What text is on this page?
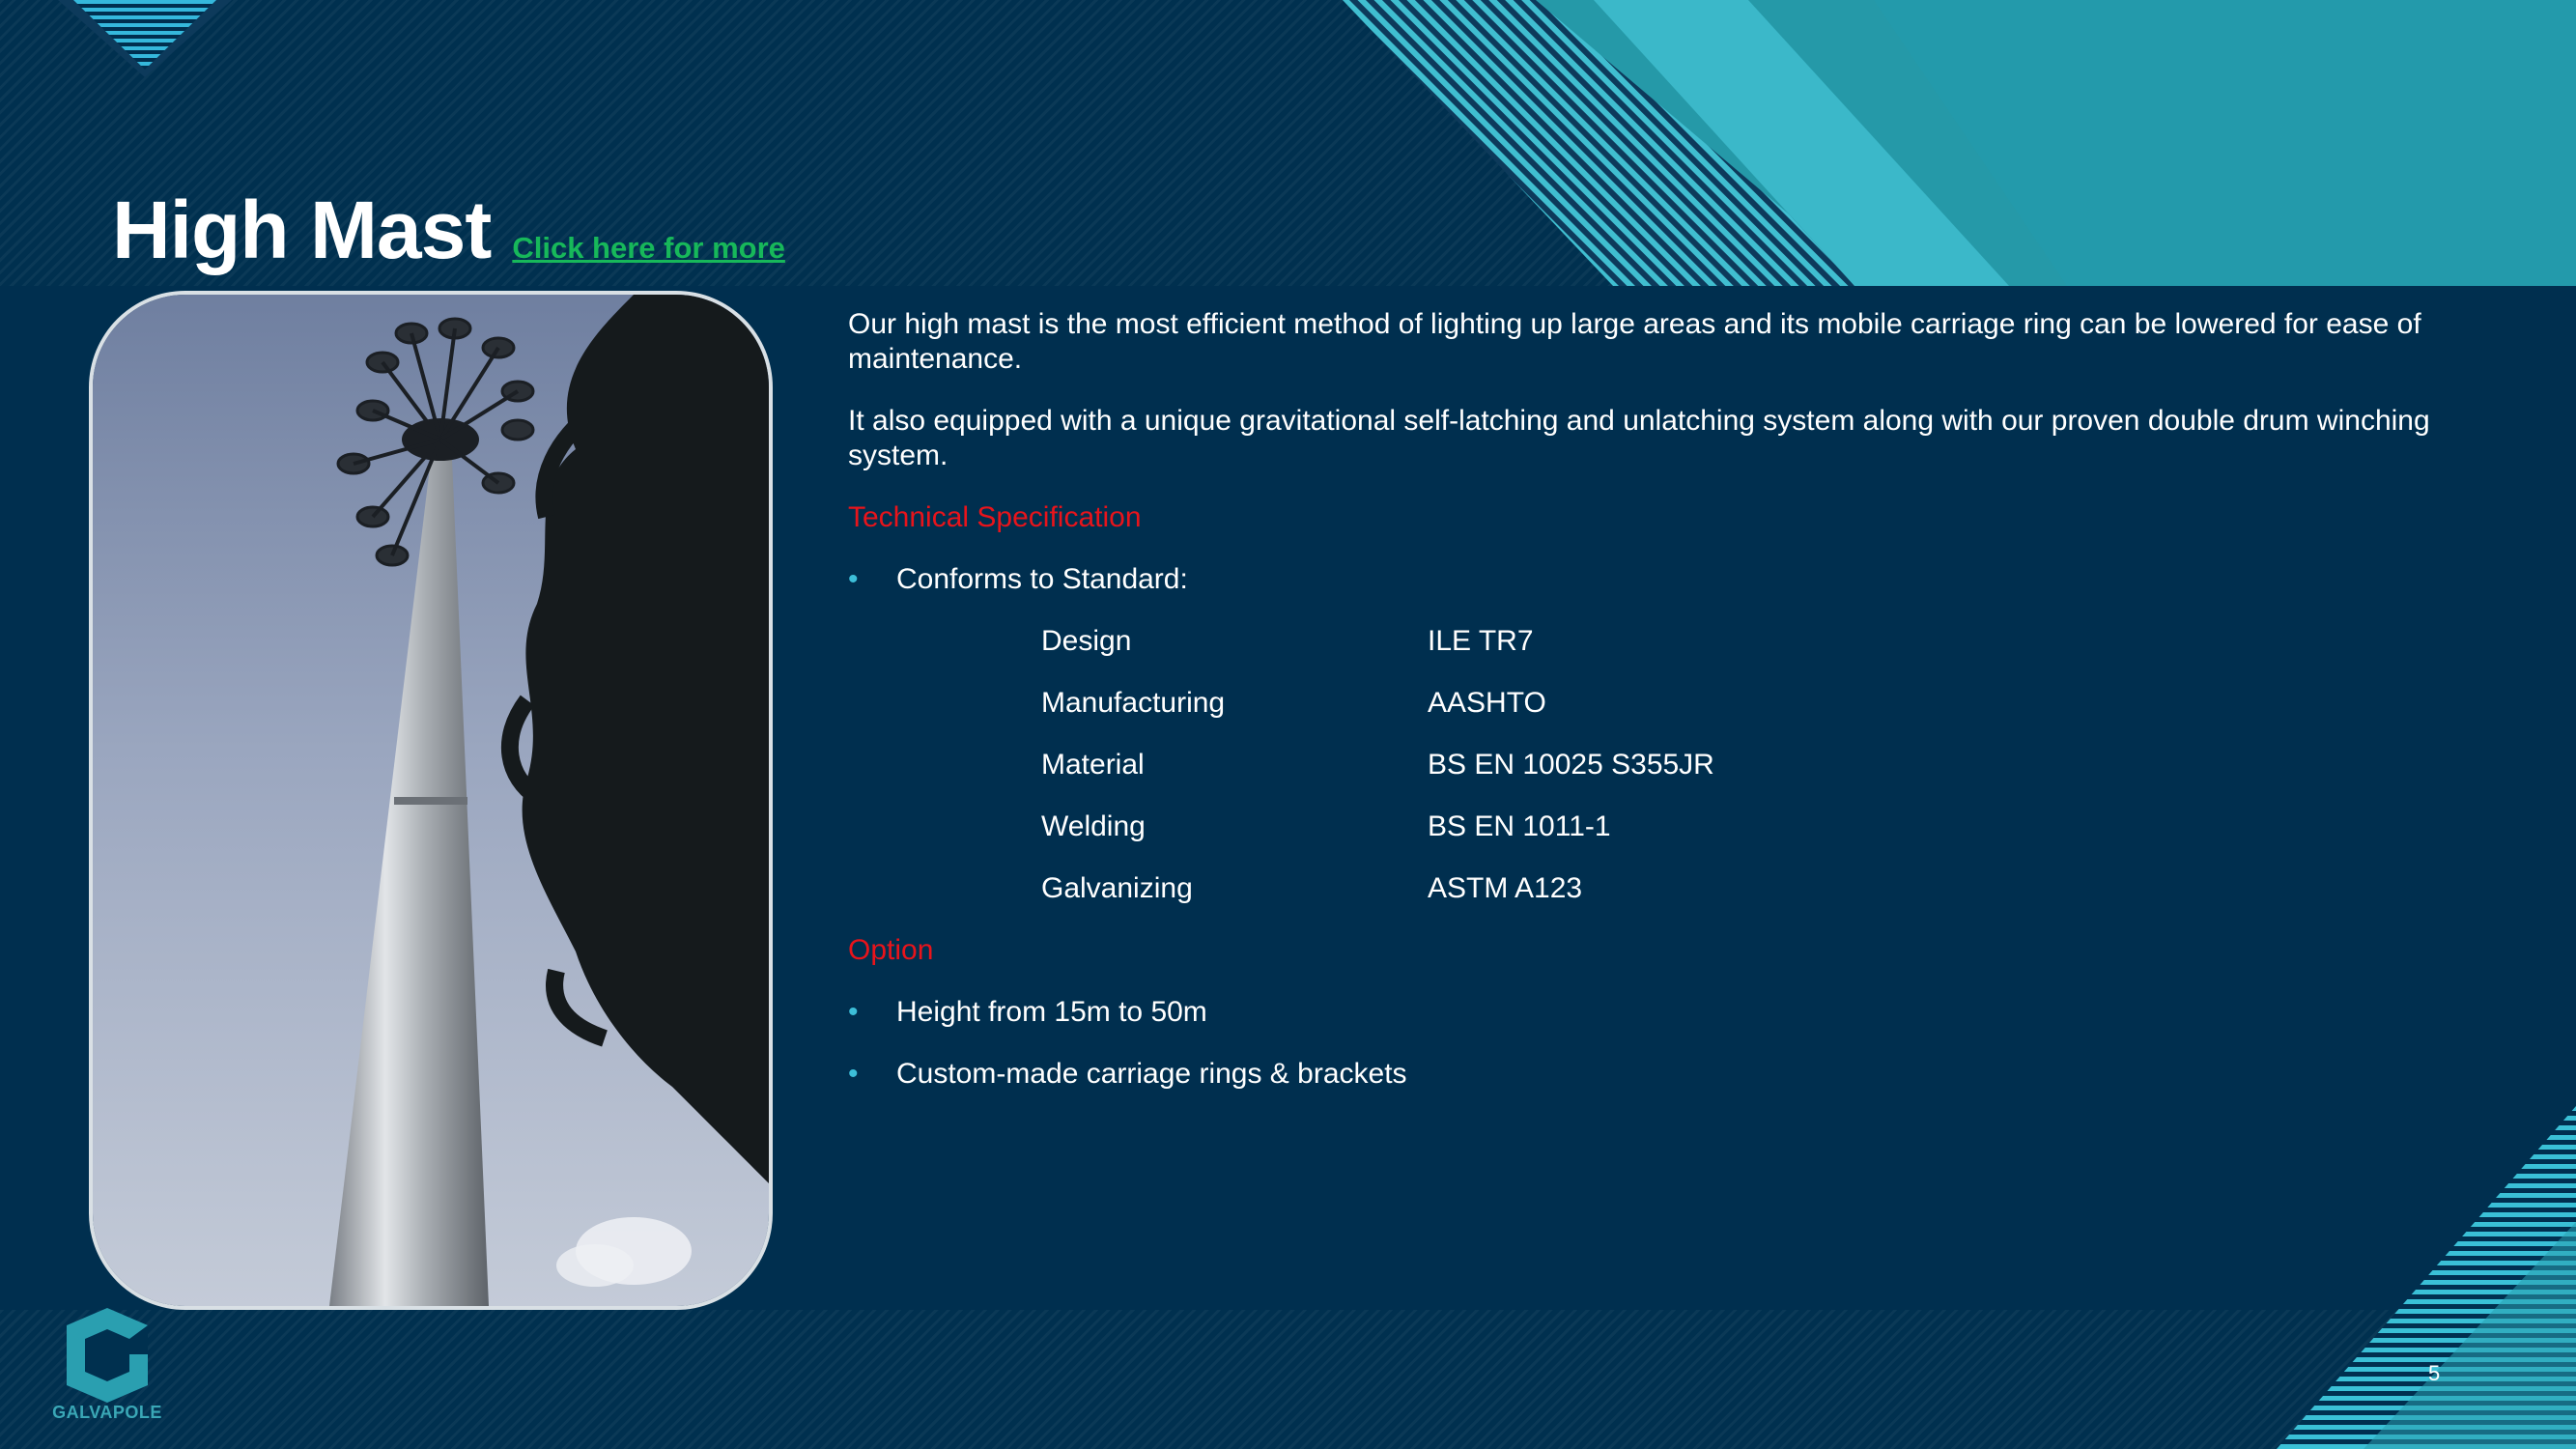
High Mast Click here for more

Our high mast is the most efficient method of lighting up large areas and its mobile carriage ring can be lowered for ease of maintenance.

It also equipped with a unique gravitational self-latching and unlatching system along with our proven double drum winching system.

Technical Specification
• Conforms to Standard:
Design	ILE TR7
Manufacturing	AASHTO
Material	BS EN 10025 S355JR
Welding	BS EN 1011-1
Galvanizing	ASTM A123
Option
• Height from 15m to 50m
• Custom-made carriage rings & brackets
GALVAPOLE
5
